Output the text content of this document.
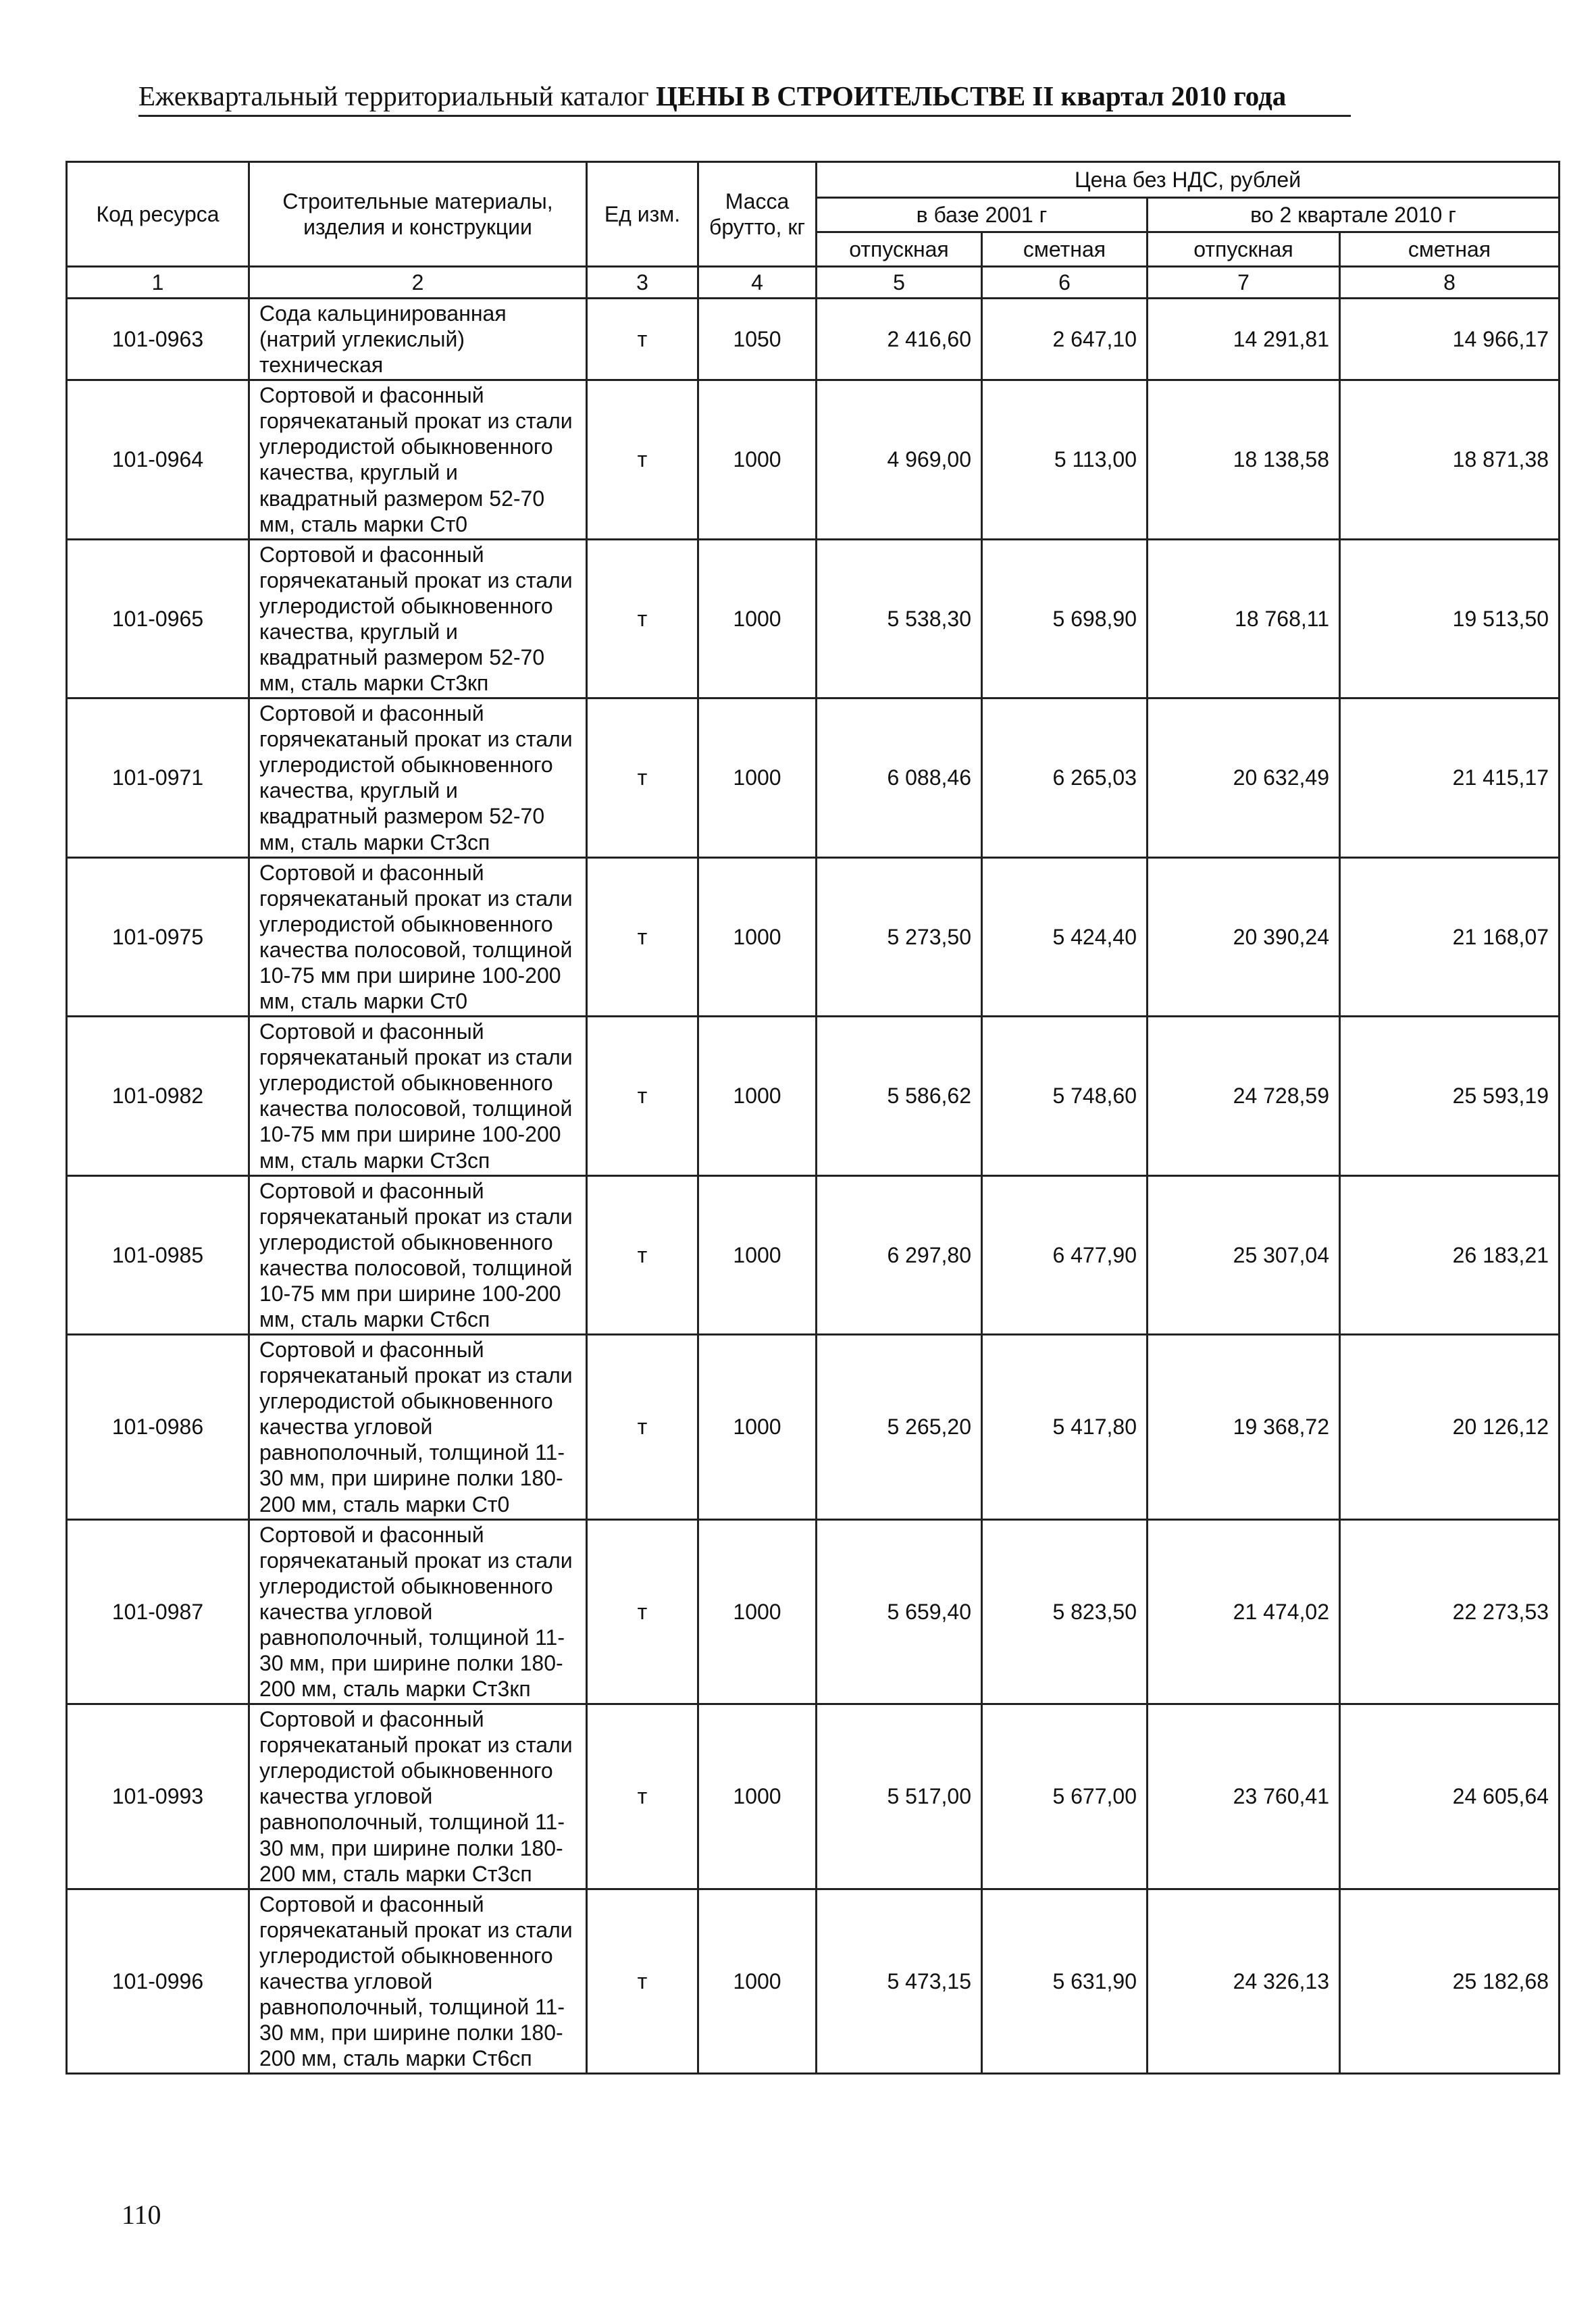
Ежеквартальный территориальный каталог ЦЕНЫ В СТРОИТЕЛЬСТВЕ II квартал 2010 года
Код ресурса	Строительные материалы, изделия и конструкции	Ед изм.	Масса брутто, кг	Цена без НДС, рублей			
				в базе 2001 г		во 2 квартале 2010 г	
				отпускная	сметная	отпускная	сметная
1	2	3	4	5	6	7	8
101-0963	Сода кальцинированная (натрий углекислый) техническая	т	1050	2 416,60	2 647,10	14 291,81	14 966,17
101-0964	Сортовой и фасонный горячекатаный прокат из стали углеродистой обыкновенного качества, круглый и квадратный размером 52-70 мм, сталь марки Ст0	т	1000	4 969,00	5 113,00	18 138,58	18 871,38
101-0965	Сортовой и фасонный горячекатаный прокат из стали углеродистой обыкновенного качества, круглый и квадратный размером 52-70 мм, сталь марки Ст3кп	т	1000	5 538,30	5 698,90	18 768,11	19 513,50
101-0971	Сортовой и фасонный горячекатаный прокат из стали углеродистой обыкновенного качества, круглый и квадратный размером 52-70 мм, сталь марки Ст3сп	т	1000	6 088,46	6 265,03	20 632,49	21 415,17
101-0975	Сортовой и фасонный горячекатаный прокат из стали углеродистой обыкновенного качества полосовой, толщиной 10-75 мм при ширине 100-200 мм, сталь марки Ст0	т	1000	5 273,50	5 424,40	20 390,24	21 168,07
101-0982	Сортовой и фасонный горячекатаный прокат из стали углеродистой обыкновенного качества полосовой, толщиной 10-75 мм при ширине 100-200 мм, сталь марки Ст3сп	т	1000	5 586,62	5 748,60	24 728,59	25 593,19
101-0985	Сортовой и фасонный горячекатаный прокат из стали углеродистой обыкновенного качества полосовой, толщиной 10-75 мм при ширине 100-200 мм, сталь марки Ст6сп	т	1000	6 297,80	6 477,90	25 307,04	26 183,21
101-0986	Сортовой и фасонный горячекатаный прокат из стали углеродистой обыкновенного качества угловой равнополочный, толщиной 11-30 мм, при ширине полки 180-200 мм, сталь марки Ст0	т	1000	5 265,20	5 417,80	19 368,72	20 126,12
101-0987	Сортовой и фасонный горячекатаный прокат из стали углеродистой обыкновенного качества угловой равнополочный, толщиной 11-30 мм, при ширине полки 180-200 мм, сталь марки Ст3кп	т	1000	5 659,40	5 823,50	21 474,02	22 273,53
101-0993	Сортовой и фасонный горячекатаный прокат из стали углеродистой обыкновенного качества угловой равнополочный, толщиной 11-30 мм, при ширине полки 180-200 мм, сталь марки Ст3сп	т	1000	5 517,00	5 677,00	23 760,41	24 605,64
101-0996	Сортовой и фасонный горячекатаный прокат из стали углеродистой обыкновенного качества угловой равнополочный, толщиной 11-30 мм, при ширине полки 180-200 мм, сталь марки Ст6сп	т	1000	5 473,15	5 631,90	24 326,13	25 182,68
110
